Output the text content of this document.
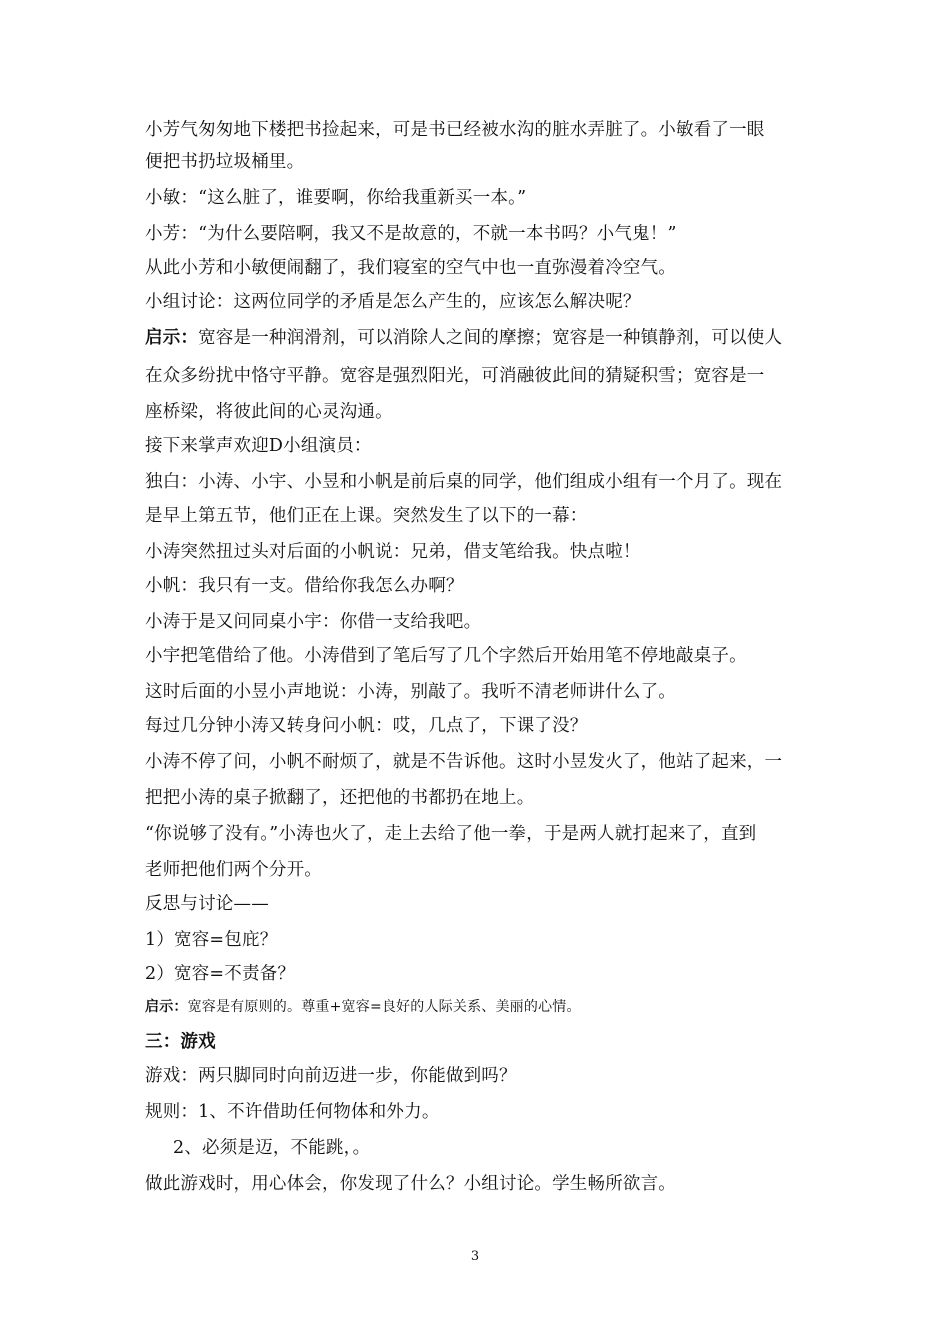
小芳气匆匆地下楼把书捡起来，可是书已经被水沟的脏水弄脏了。小敏看了一眼
便把书扔垃圾桶里。
小敏：“这么脏了，谁要啊，你给我重新买一本。”
小芳：“为什么要陪啊，我又不是故意的，不就一本书吗？小气鬼！”
从此小芳和小敏便闹翻了，我们寝室的空气中也一直弥漫着冷空气。
小组讨论：这两位同学的矛盾是怎么产生的，应该怎么解决呢？
启示：宽容是一种润滑剂，可以消除人之间的摩擦；宽容是一种镇静剂，可以使人
在众多纷扰中恪守平静。宽容是强烈阳光，可消融彼此间的猜疑积雪；宽容是一
座桥梁，将彼此间的心灵沟通。
接下来掌声欢迎D小组演员：
独白：小涛、小宇、小昱和小帆是前后桌的同学，他们组成小组有一个月了。现在
是早上第五节，他们正在上课。突然发生了以下的一幕：
小涛突然扭过头对后面的小帆说：兄弟，借支笔给我。快点啦！
小帆：我只有一支。借给你我怎么办啊？
小涛于是又问同桌小宇：你借一支给我吧。
小宇把笔借给了他。小涛借到了笔后写了几个字然后开始用笔不停地敲桌子。
这时后面的小昱小声地说：小涛，别敲了。我听不清老师讲什么了。
每过几分钟小涛又转身问小帆：哎，几点了，下课了没？
小涛不停了问，小帆不耐烦了，就是不告诉他。这时小昱发火了，他站了起来，一
把把小涛的桌子掀翻了，还把他的书都扔在地上。
“你说够了没有。”小涛也火了，走上去给了他一拳，于是两人就打起来了，直到
老师把他们两个分开。
反思与讨论——
1）宽容=包庇？
2）宽容=不责备？
启示：宽容是有原则的。尊重+宽容=良好的人际关系、美丽的心情。
三：游戏
游戏：两只脚同时向前迈进一步，你能做到吗？
规则：1、不许借助任何物体和外力。
2、必须是迈，不能跳，。
做此游戏时，用心体会，你发现了什么？小组讨论。学生畅所欲言。
3
